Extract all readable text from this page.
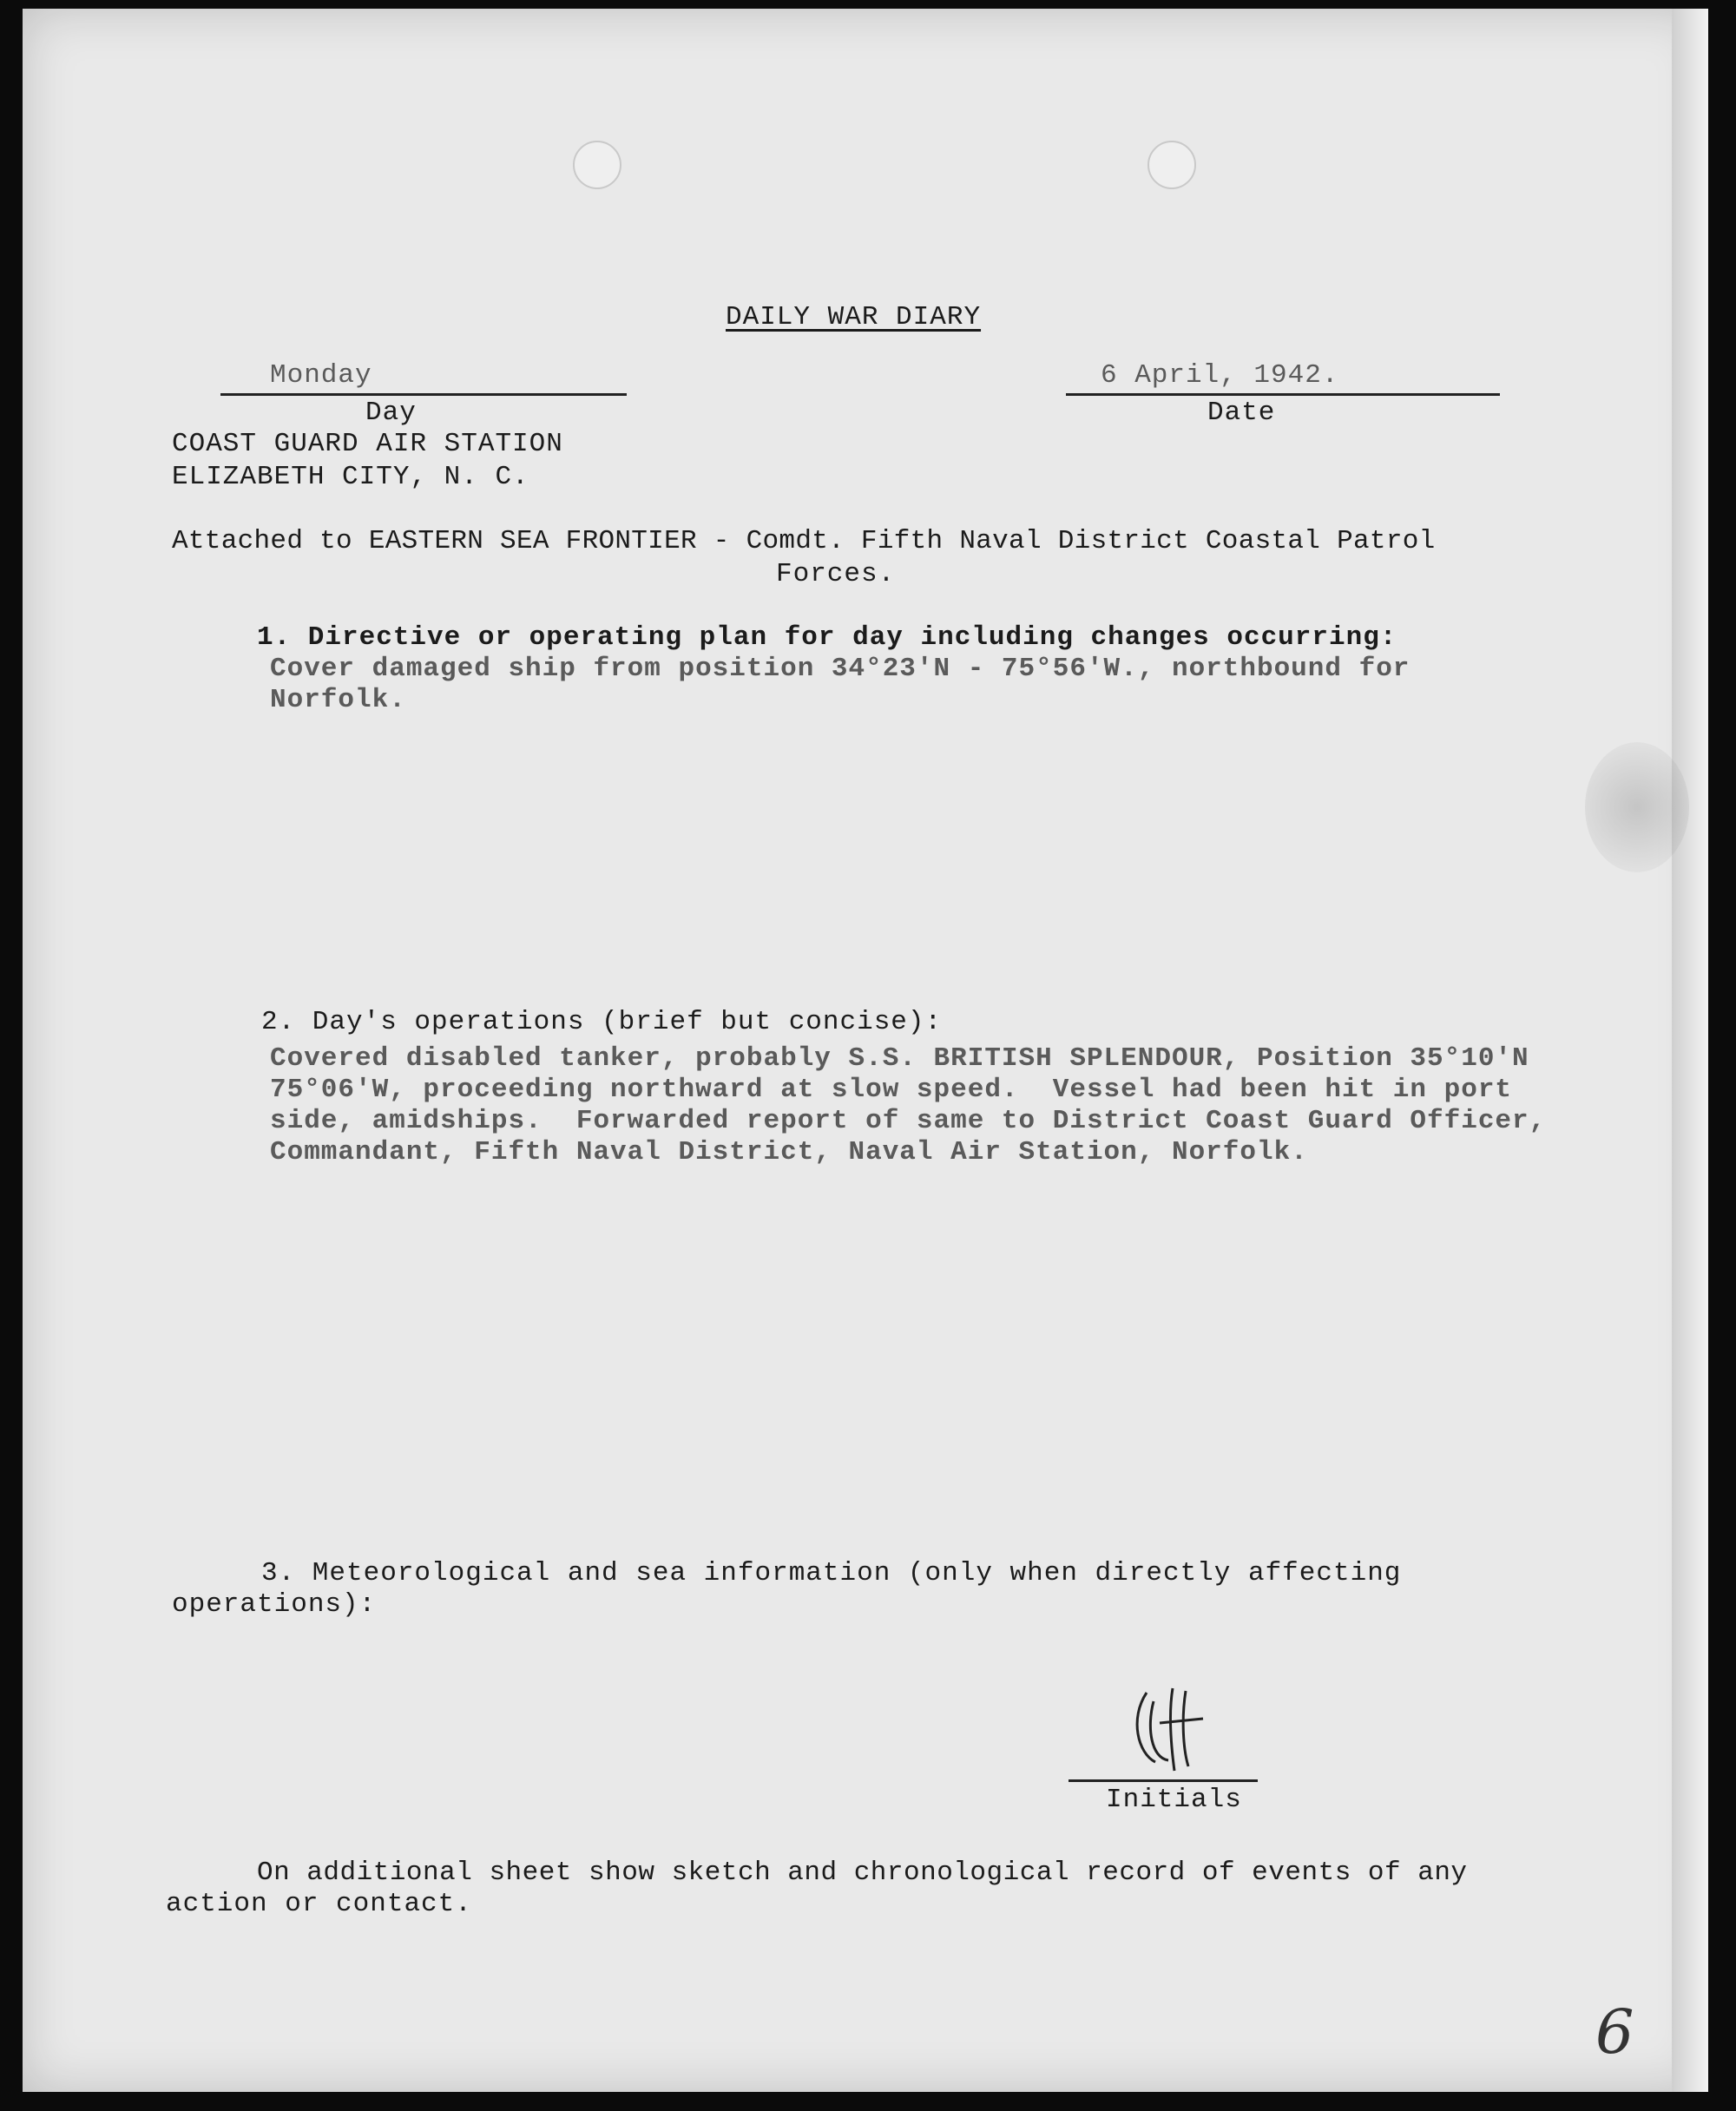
DAILY WAR DIARY
Monday
Day
6 April, 1942.
Date
COAST GUARD AIR STATION
ELIZABETH CITY, N. C.
Attached to EASTERN SEA FRONTIER - Comdt. Fifth Naval District Coastal Patrol
Forces.
1. Directive or operating plan for day including changes occurring:
Cover damaged ship from position 34°23'N - 75°56'W., northbound for
Norfolk.
2. Day's operations (brief but concise):
Covered disabled tanker, probably S.S. BRITISH SPLENDOUR, Position 35°10'N
75°06'W, proceeding northward at slow speed.  Vessel had been hit in port
side, amidships.  Forwarded report of same to District Coast Guard Officer,
Commandant, Fifth Naval District, Naval Air Station, Norfolk.
3. Meteorological and sea information (only when directly affecting
operations):
Initials
On additional sheet show sketch and chronological record of events of any
action or contact.
6
